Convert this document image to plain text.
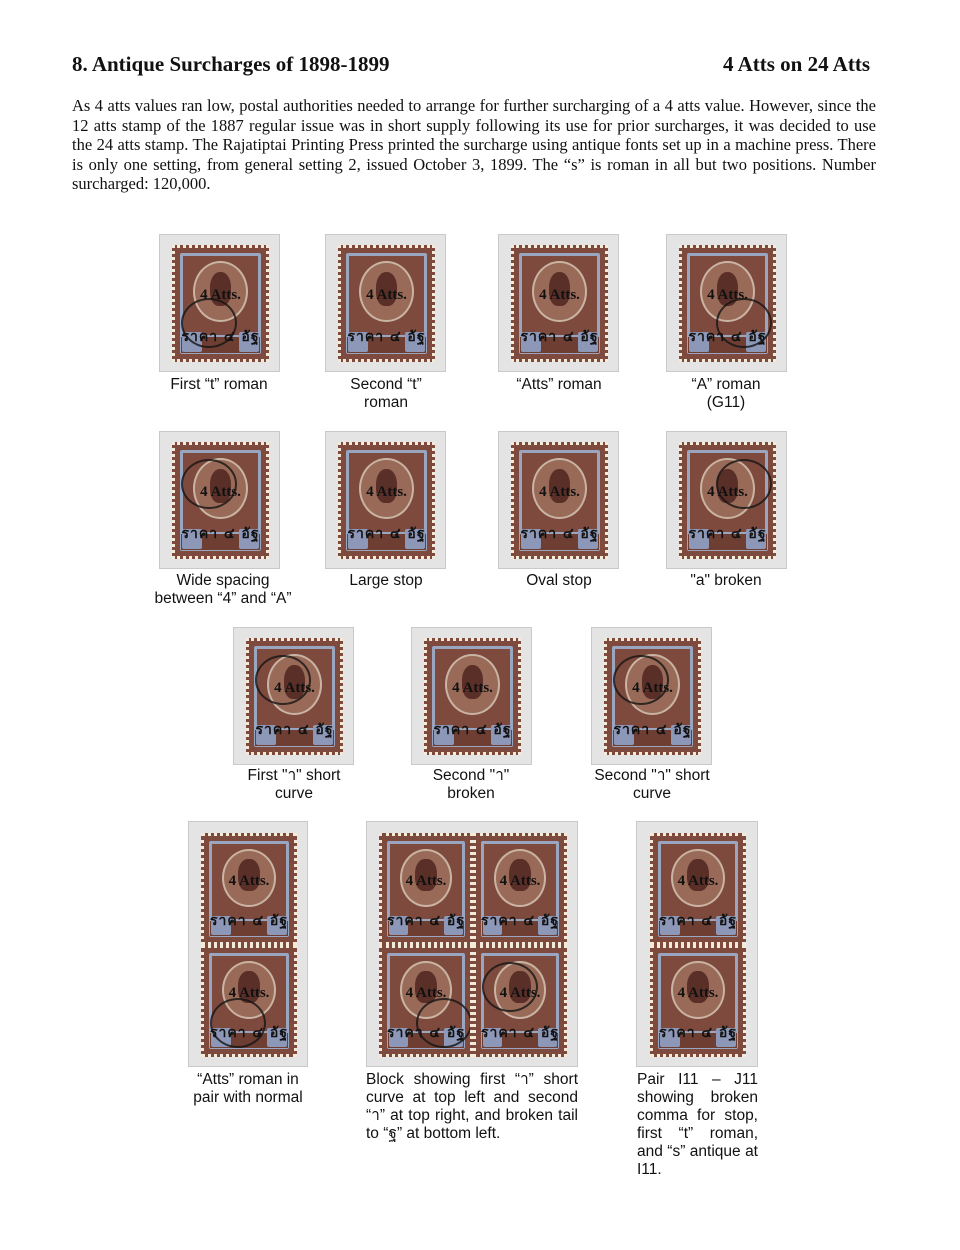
8. Antique Surcharges of 1898-1899	4 Atts on 24 Atts

As 4 atts values ran low, postal authorities needed to arrange for further surcharging of a 4 atts value. However, since the 12 atts stamp of the 1887 regular issue was in short supply following its use for prior surcharges, it was decided to use the 24 atts stamp. The Rajatiptai Printing Press printed the surcharge using antique fonts set up in a machine press. There is only one setting, from general setting 2, issued October 3, 1899. The “s” is roman in all but two positions. Number surcharged: 120,000.

4 Atts.
ราคา ๔ อัฐ
4 Atts.
ราคา ๔ อัฐ
4 Atts.
ราคา ๔ อัฐ
4 Atts.
ราคา ๔ อัฐ
First “t” roman	Second “t”
roman
“Atts” roman	“A” roman
(G11)
4 Atts.
ราคา ๔ อัฐ
4 Atts.
ราคา ๔ อัฐ
4 Atts.
ราคา ๔ อัฐ
4 Atts.
ราคา ๔ อัฐ
Wide spacing
between “4” and “A”
Large stop	Oval stop	"a" broken
4 Atts.
ราคา ๔ อัฐ
4 Atts.
ราคา ๔ อัฐ
4 Atts.
ราคา ๔ อัฐ
First "า" short
curve
Second "า"
broken
Second "า" short
curve
4 Atts.
ราคา ๔ อัฐ
4 Atts.
ราคา ๔ อัฐ
4 Atts.
ราคา ๔ อัฐ
4 Atts.
ราคา ๔ อัฐ
4 Atts.
ราคา ๔ อัฐ
4 Atts.
ราคา ๔ อัฐ
4 Atts.
ราคา ๔ อัฐ
4 Atts.
ราคา ๔ อัฐ
“Atts” roman in
pair with normal
Block showing first “า” short curve at top left and second “า” at top right, and broken tail to “ฐ” at bottom left.
Pair I11 – J11 showing broken comma for stop, first “t” roman, and “s” antique at I11.
